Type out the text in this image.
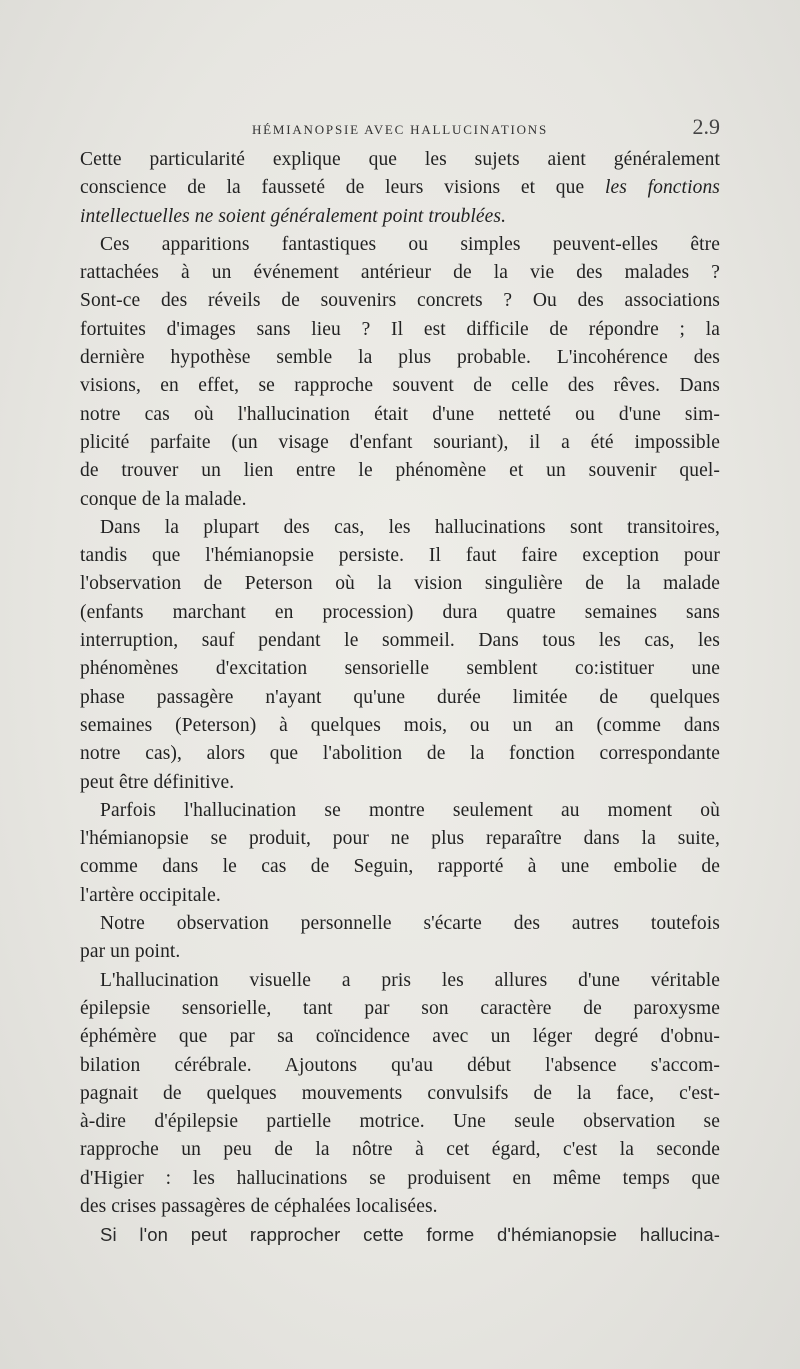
HÉMIANOPSIE AVEC HALLUCINATIONS	2.9
Cette particularité explique que les sujets aient généralement
conscience de la fausseté de leurs visions et que les fonctions
intellectuelles ne soient généralement point troublées.
Ces apparitions fantastiques ou simples peuvent-elles être
rattachées à un événement antérieur de la vie des malades ?
Sont-ce des réveils de souvenirs concrets ? Ou des associations
fortuites d'images sans lieu ? Il est difficile de répondre ; la
dernière hypothèse semble la plus probable. L'incohérence des
visions, en effet, se rapproche souvent de celle des rêves. Dans
notre cas où l'hallucination était d'une netteté ou d'une sim-
plicité parfaite (un visage d'enfant souriant), il a été impossible
de trouver un lien entre le phénomène et un souvenir quel-
conque de la malade.
Dans la plupart des cas, les hallucinations sont transitoires,
tandis que l'hémianopsie persiste. Il faut faire exception pour
l'observation de Peterson où la vision singulière de la malade
(enfants marchant en procession) dura quatre semaines sans
interruption, sauf pendant le sommeil. Dans tous les cas, les
phénomènes d'excitation sensorielle semblent co:istituer une
phase passagère n'ayant qu'une durée limitée de quelques
semaines (Peterson) à quelques mois, ou un an (comme dans
notre cas), alors que l'abolition de la fonction correspondante
peut être définitive.
Parfois l'hallucination se montre seulement au moment où
l'hémianopsie se produit, pour ne plus reparaître dans la suite,
comme dans le cas de Seguin, rapporté à une embolie de
l'artère occipitale.
Notre observation personnelle s'écarte des autres toutefois
par un point.
L'hallucination visuelle a pris les allures d'une véritable
épilepsie sensorielle, tant par son caractère de paroxysme
éphémère que par sa coïncidence avec un léger degré d'obnu-
bilation cérébrale. Ajoutons qu'au début l'absence s'accom-
pagnait de quelques mouvements convulsifs de la face, c'est-
à-dire d'épilepsie partielle motrice. Une seule observation se
rapproche un peu de la nôtre à cet égard, c'est la seconde
d'Higier : les hallucinations se produisent en même temps que
des crises passagères de céphalées localisées.
Si l'on peut rapprocher cette forme d'hémianopsie hallucina-
